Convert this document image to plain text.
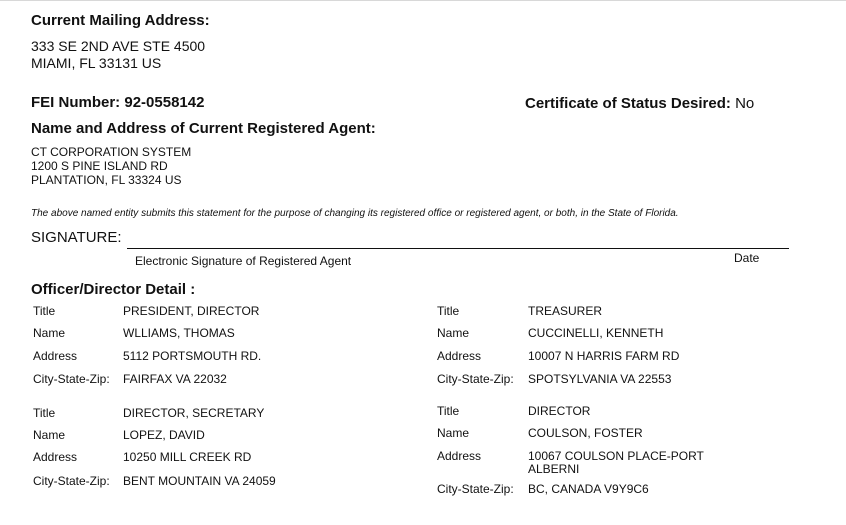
Current Mailing Address:
333 SE 2ND AVE STE 4500
MIAMI, FL 33131 US
FEI Number: 92-0558142	Certificate of Status Desired: No
Name and Address of Current Registered Agent:
CT CORPORATION SYSTEM
1200 S PINE ISLAND RD
PLANTATION, FL 33324 US
The above named entity submits this statement for the purpose of changing its registered office or registered agent, or both, in the State of Florida.
SIGNATURE:
Electronic Signature of Registered Agent	Date
Officer/Director Detail :
Title	PRESIDENT, DIRECTOR
Name	WLLIAMS, THOMAS
Address	5112 PORTSMOUTH RD.
City-State-Zip: FAIRFAX VA 22032
Title	TREASURER
Name	CUCCINELLI, KENNETH
Address	10007 N HARRIS FARM RD
City-State-Zip: SPOTSYLVANIA VA 22553
Title	DIRECTOR, SECRETARY
Name	LOPEZ, DAVID
Address	10250 MILL CREEK RD
City-State-Zip: BENT MOUNTAIN VA 24059
Title	DIRECTOR
Name	COULSON, FOSTER
Address	10067 COULSON PLACE-PORT
ALBERNI
City-State-Zip: BC, CANADA V9Y9C6
